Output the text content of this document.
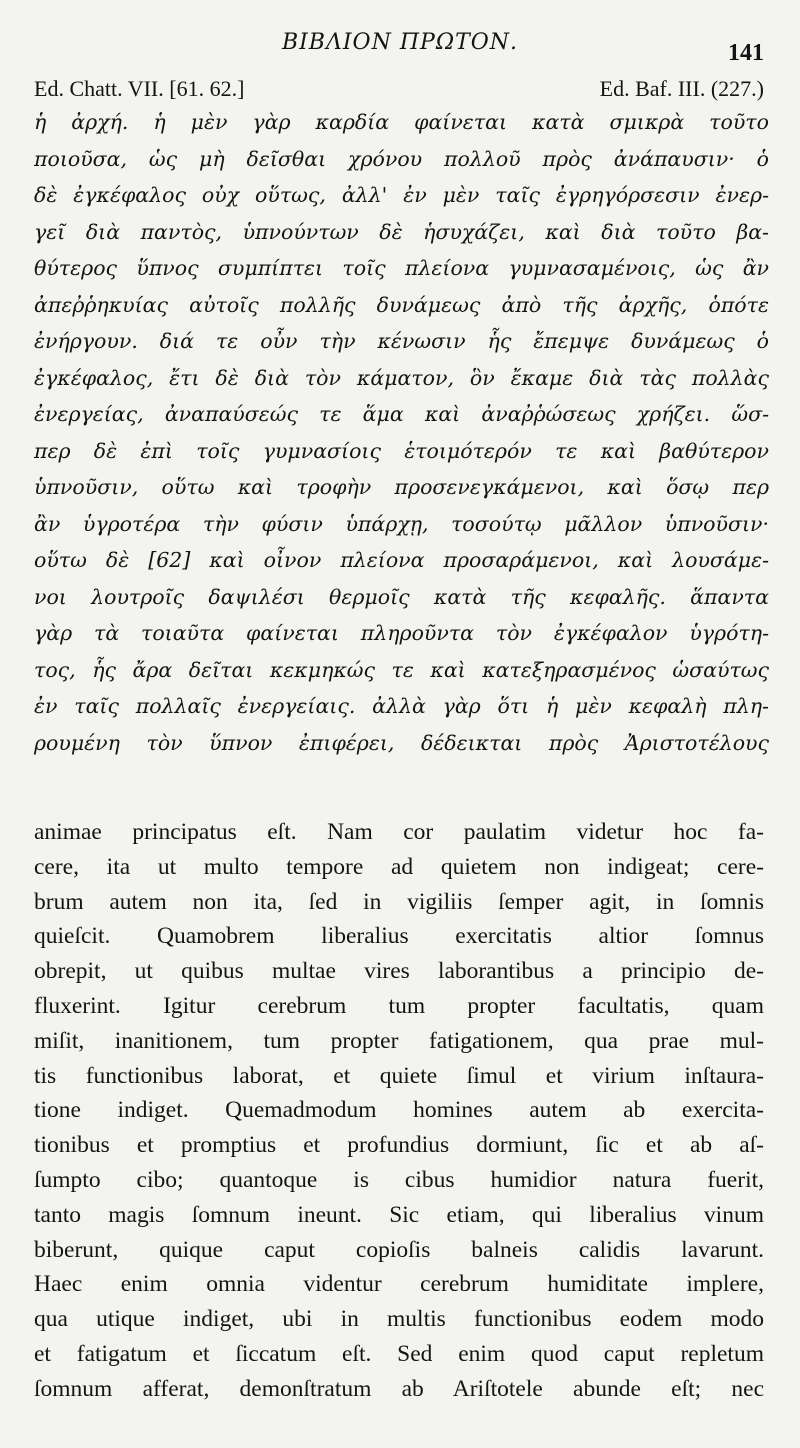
ΒΙΒΛΙΟΝ ΠΡΩΤΟΝ.	141
Ed. Chatt. VII. [61. 62.]	Ed. Baf. III. (227.)
ἡ ἀρχή. ἡ μὲν γὰρ καρδία φαίνεται κατὰ σμικρὰ τοῦτο
ποιοῦσα, ὡς μὴ δεῖσθαι χρόνου πολλοῦ πρὸς ἀνάπαυσιν· ὁ
δὲ ἐγκέφαλος οὐχ οὕτως, ἀλλ' ἐν μὲν ταῖς ἐγρηγόρσεσιν ἐνερ-
γεῖ διὰ παντὸς, ὑπνούντων δὲ ἡσυχάζει, καὶ διὰ τοῦτο βα-
θύτερος ὕπνος συμπίπτει τοῖς πλείονα γυμνασαμένοις, ὡς ἂν
ἀπεῤῥηκυίας αὐτοῖς πολλῆς δυνάμεως ἀπὸ τῆς ἀρχῆς, ὁπότε
ἐνήργουν. διά τε οὖν τὴν κένωσιν ἧς ἔπεμψε δυνάμεως ὁ
ἐγκέφαλος, ἔτι δὲ διὰ τὸν κάματον, ὃν ἔκαμε διὰ τὰς πολλὰς
ἐνεργείας, ἀναπαύσεώς τε ἅμα καὶ ἀναῤῥώσεως χρήζει. ὥσ-
περ δὲ ἐπὶ τοῖς γυμνασίοις ἑτοιμότερόν τε καὶ βαθύτερον
ὑπνοῦσιν, οὕτω καὶ τροφὴν προσενεγκάμενοι, καὶ ὅσῳ περ
ἂν ὑγροτέρα τὴν φύσιν ὑπάρχῃ, τοσούτῳ μᾶλλον ὑπνοῦσιν·
οὕτω δὲ [62] καὶ οἶνον πλείονα προσαράμενοι, καὶ λουσάμε-
νοι λουτροῖς δαψιλέσι θερμοῖς κατὰ τῆς κεφαλῆς. ἅπαντα
γὰρ τὰ τοιαῦτα φαίνεται πληροῦντα τὸν ἐγκέφαλον ὑγρότη-
τος, ἧς ἄρα δεῖται κεκμηκώς τε καὶ κατεξηρασμένος ὡσαύτως
ἐν ταῖς πολλαῖς ἐνεργείαις. ἀλλὰ γὰρ ὅτι ἡ μὲν κεφαλὴ πλη-
ρουμένη τὸν ὕπνον ἐπιφέρει, δέδεικται πρὸς Ἀριστοτέλους
animae principatus eſt. Nam cor paulatim videtur hoc fa-
cere, ita ut multo tempore ad quietem non indigeat; cere-
brum autem non ita, ſed in vigiliis ſemper agit, in ſomnis
quieſcit. Quamobrem liberalius exercitatis altior ſomnus
obrepit, ut quibus multae vires laborantibus a principio de-
fluxerint. Igitur cerebrum tum propter facultatis, quam
miſit, inanitionem, tum propter fatigationem, qua prae mul-
tis functionibus laborat, et quiete ſimul et virium inſtaura-
tione indiget. Quemadmodum homines autem ab exercita-
tionibus et promptius et profundius dormiunt, ſic et ab aſ-
ſumpto cibo; quantoque is cibus humidior natura fuerit,
tanto magis ſomnum ineunt. Sic etiam, qui liberalius vinum
biberunt, quique caput copioſis balneis calidis lavarunt.
Haec enim omnia videntur cerebrum humiditate implere,
qua utique indiget, ubi in multis functionibus eodem modo
et fatigatum et ſiccatum eſt. Sed enim quod caput repletum
ſomnum afferat, demonſtratum ab Ariſtotele abunde eſt; nec
